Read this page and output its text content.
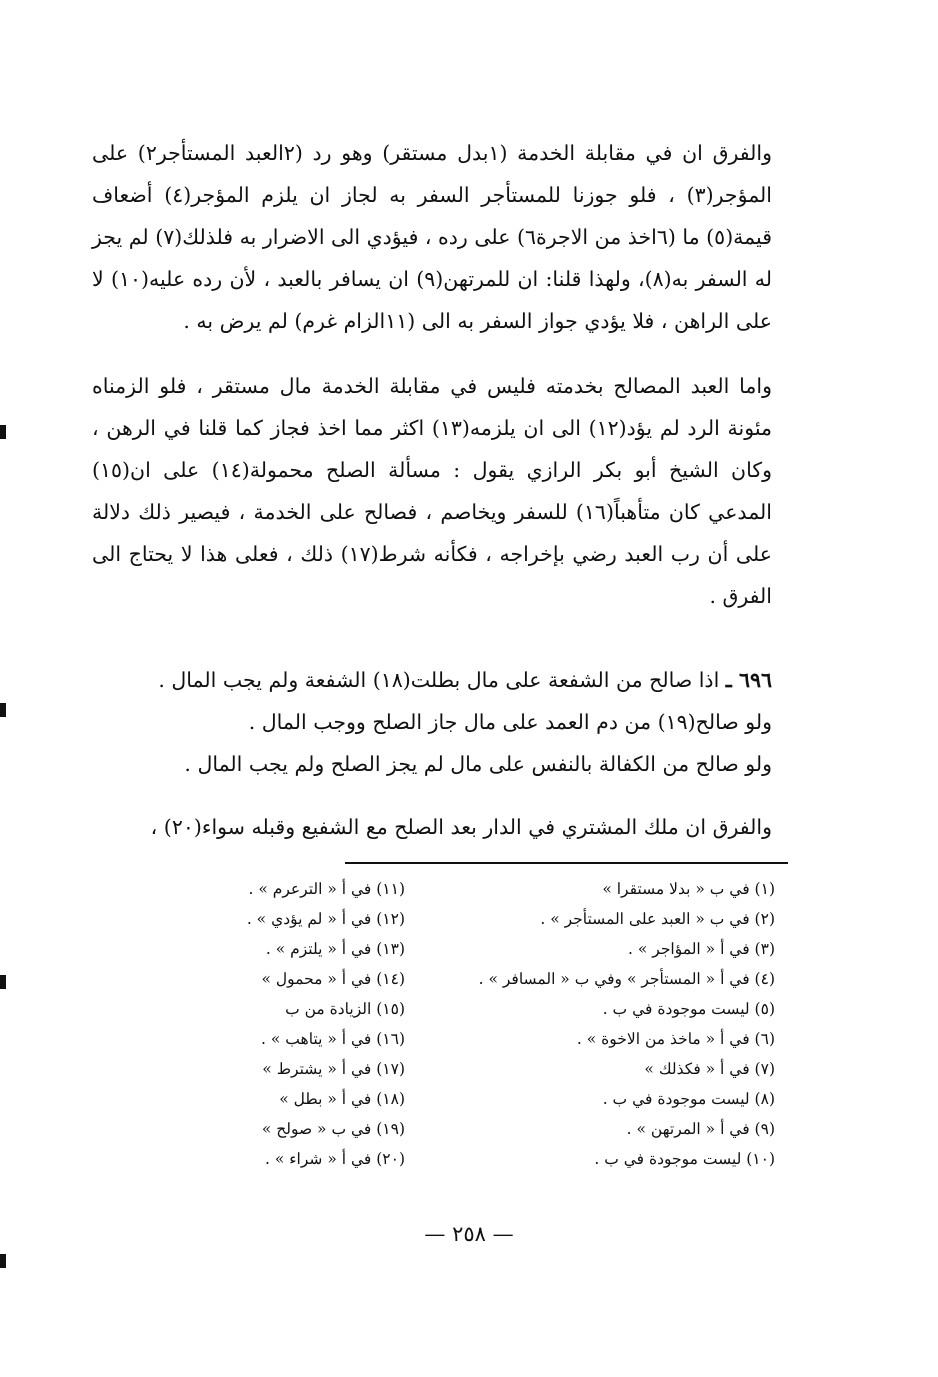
والفرق ان في مقابلة الخدمة (١بدل مستقر) وهو رد (٢العبد المستأجر٢) على المؤجر(٣) ، فلو جوزنا للمستأجر السفر به لجاز ان يلزم المؤجر(٤) أضعاف قيمة(٥) ما (٦اخذ من الاجرة٦) على رده ، فيؤدي الى الاضرار به فلذلك(٧) لم يجز له السفر به(٨)، ولهذا قلنا: ان للمرتهن(٩) ان يسافر بالعبد ، لأن رده عليه(١٠) لا على الراهن ، فلا يؤدي جواز السفر به الى (١١الزام غرم) لم يرض به .

واما العبد المصالح بخدمته فليس في مقابلة الخدمة مال مستقر ، فلو الزمناه مئونة الرد لم يؤد(١٢) الى ان يلزمه(١٣) اكثر مما اخذ فجاز كما قلنا في الرهن ، وكان الشيخ أبو بكر الرازي يقول : مسألة الصلح محمولة(١٤) على ان(١٥) المدعي كان متأهباً(١٦) للسفر ويخاصم ، فصالح على الخدمة ، فيصير ذلك دلالة على أن رب العبد رضي بإخراجه ، فكأنه شرط(١٧) ذلك ، فعلى هذا لا يحتاج الى الفرق .

٦٩٦ ـ اذا صالح من الشفعة على مال بطلت(١٨) الشفعة ولم يجب المال .
ولو صالح(١٩) من دم العمد على مال جاز الصلح ووجب المال .
ولو صالح من الكفالة بالنفس على مال لم يجز الصلح ولم يجب المال .

والفرق ان ملك المشتري في الدار بعد الصلح مع الشفيع وقبله سواء(٢٠) ،

(١) في ب « بدلا مستقرا »
(٢) في ب « العبد على المستأجر » .
(٣) في أ « المؤاجر » .
(٤) في أ « المستأجر » وفي ب « المسافر » .
(٥) ليست موجودة في ب .
(٦) في أ « ماخذ من الاخوة » .
(٧) في أ « فكذلك »
(٨) ليست موجودة في ب .
(٩) في أ « المرتهن » .
(١٠) ليست موجودة في ب .
(١١) في أ « الترعرم » .
(١٢) في أ « لم يؤدي » .
(١٣) في أ « يلتزم » .
(١٤) في أ « محمول »
(١٥) الزيادة من ب
(١٦) في أ « يتاهب » .
(١٧) في أ « يشترط »
(١٨) في أ « بطل »
(١٩) في ب « صولح »
(٢٠) في أ « شراء » .
— ٢٥٨ —
